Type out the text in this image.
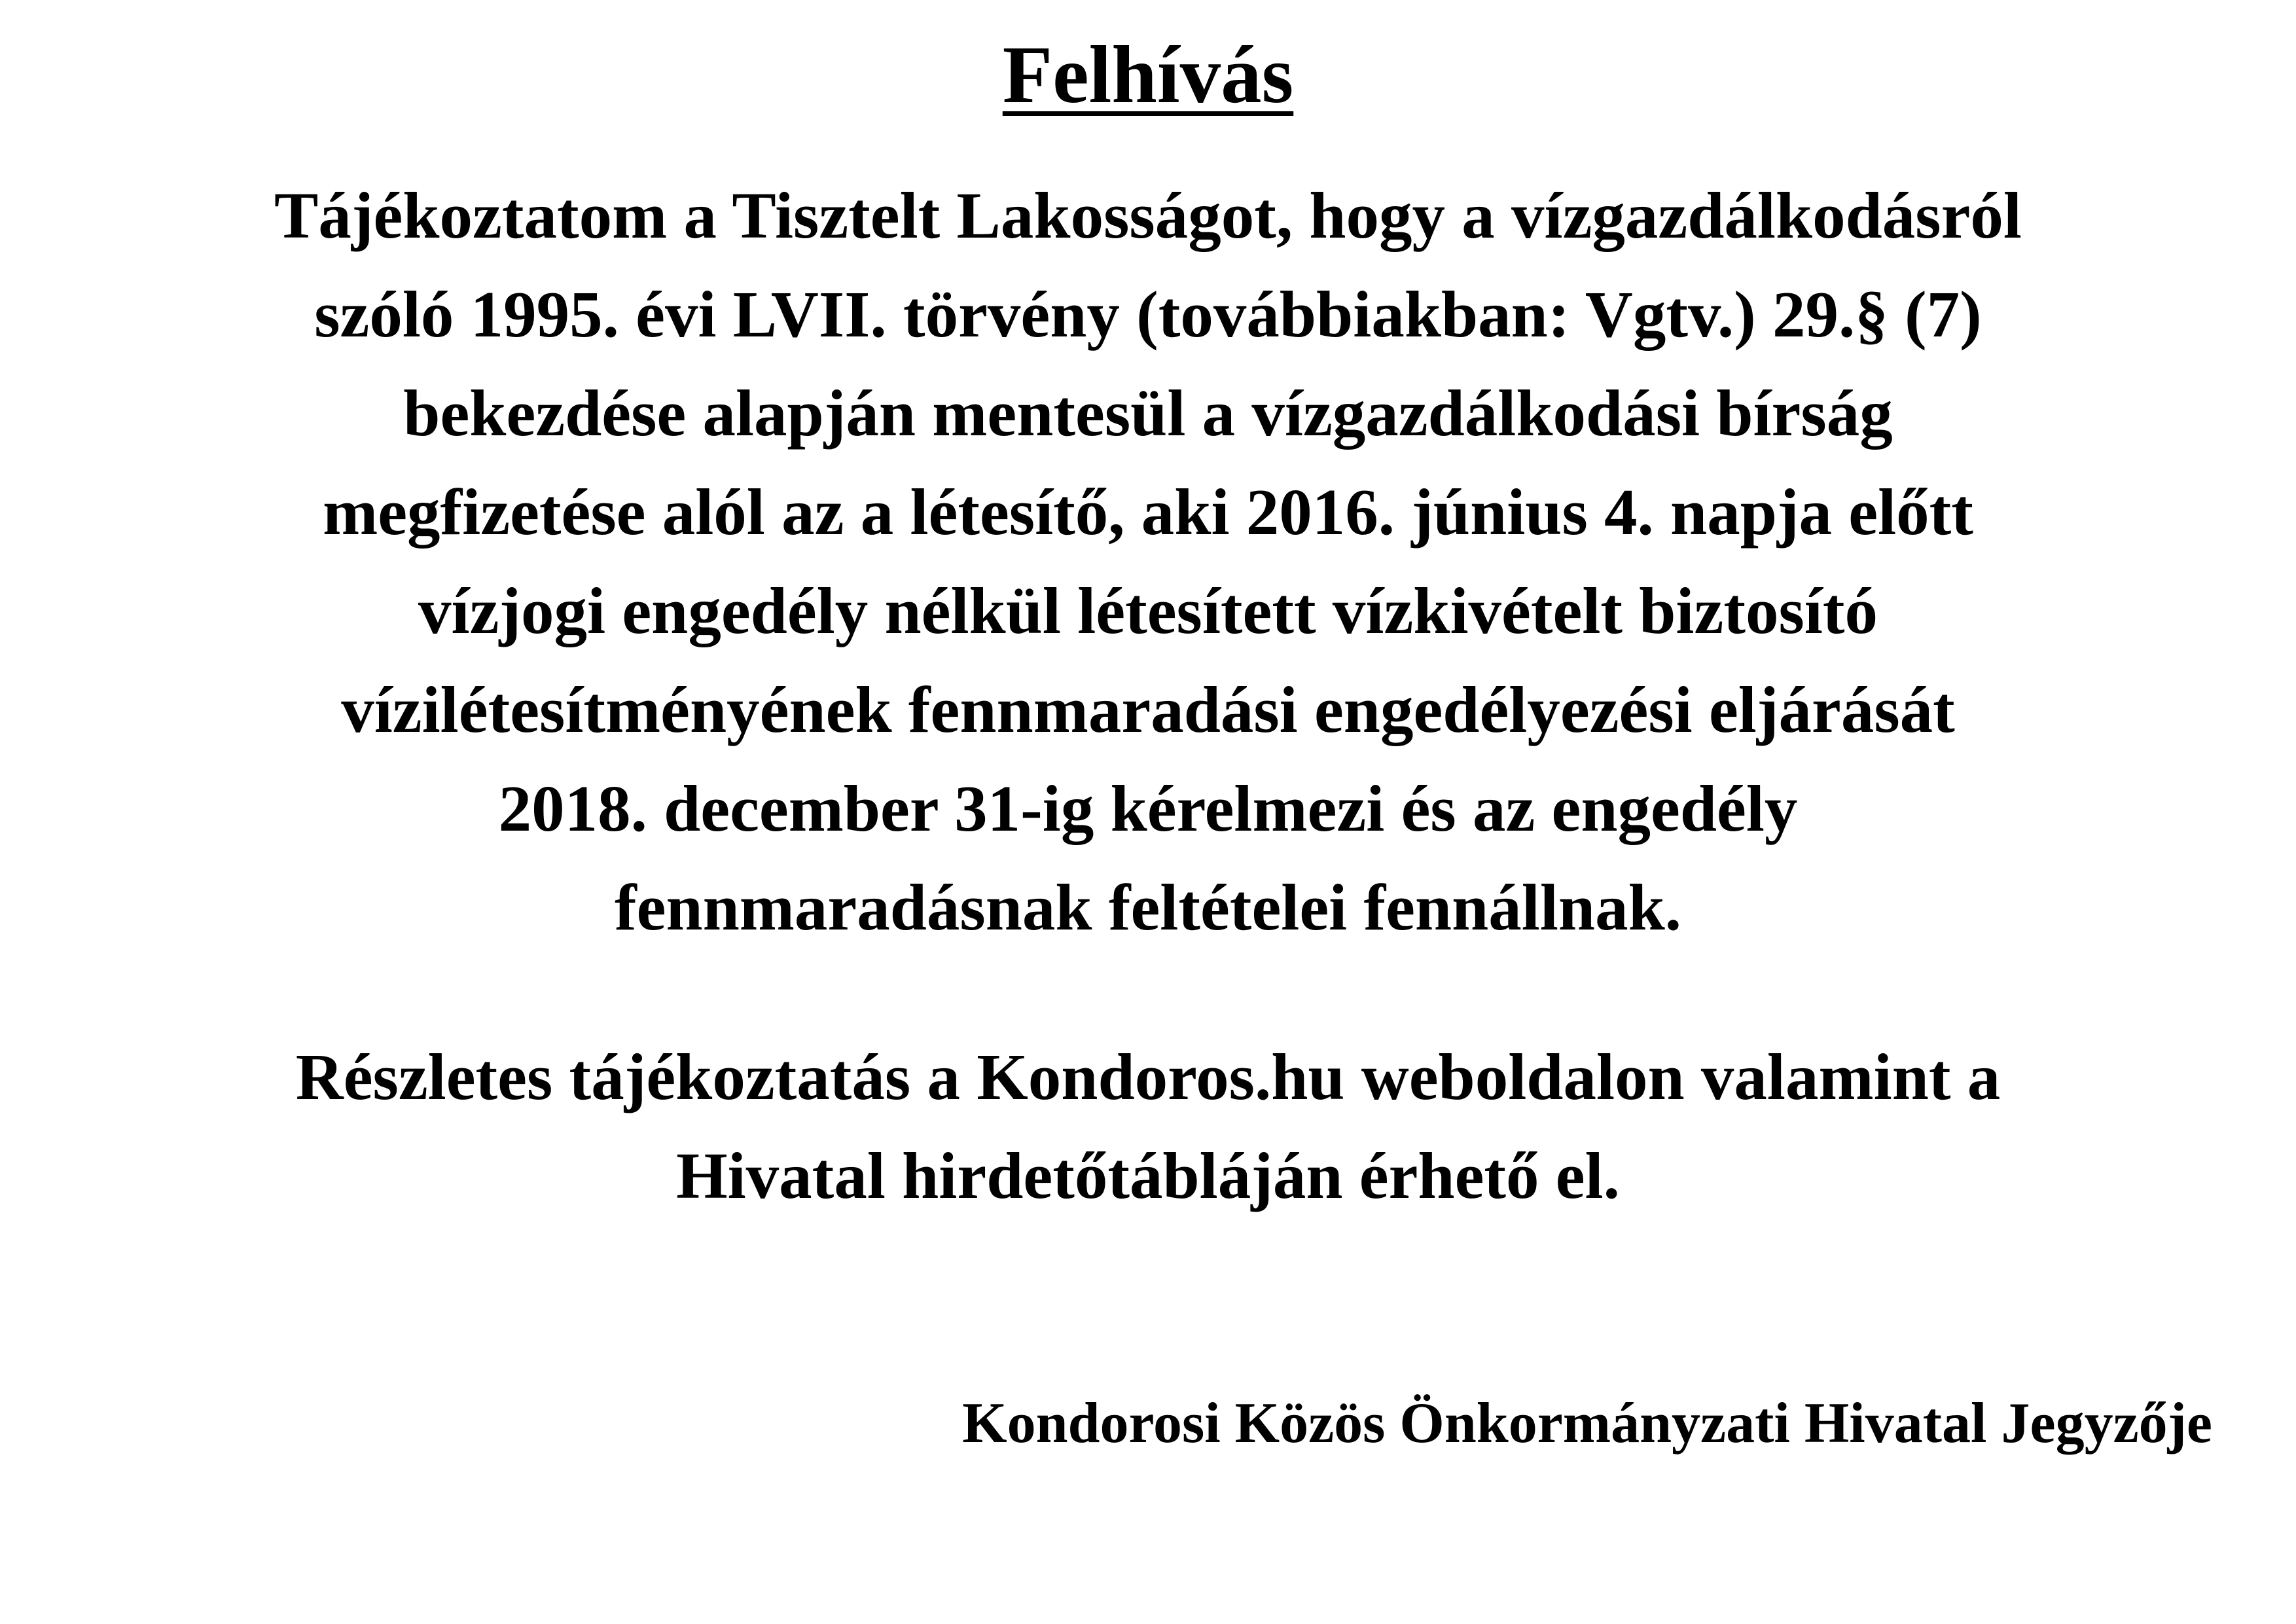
Felhívás

Tájékoztatom a Tisztelt Lakosságot, hogy a vízgazdálkodásról
szóló 1995. évi LVII. törvény (továbbiakban: Vgtv.) 29.§ (7)
bekezdése alapján mentesül a vízgazdálkodási bírság
megfizetése alól az a létesítő, aki 2016. június 4. napja előtt
vízjogi engedély nélkül létesített vízkivételt biztosító
vízilétesítményének fennmaradási engedélyezési eljárását
2018. december 31-ig kérelmezi és az engedély
fennmaradásnak feltételei fennállnak.

Részletes tájékoztatás a Kondoros.hu weboldalon valamint a
Hivatal hirdetőtábláján érhető el.

Kondorosi Közös Önkormányzati Hivatal Jegyzője
